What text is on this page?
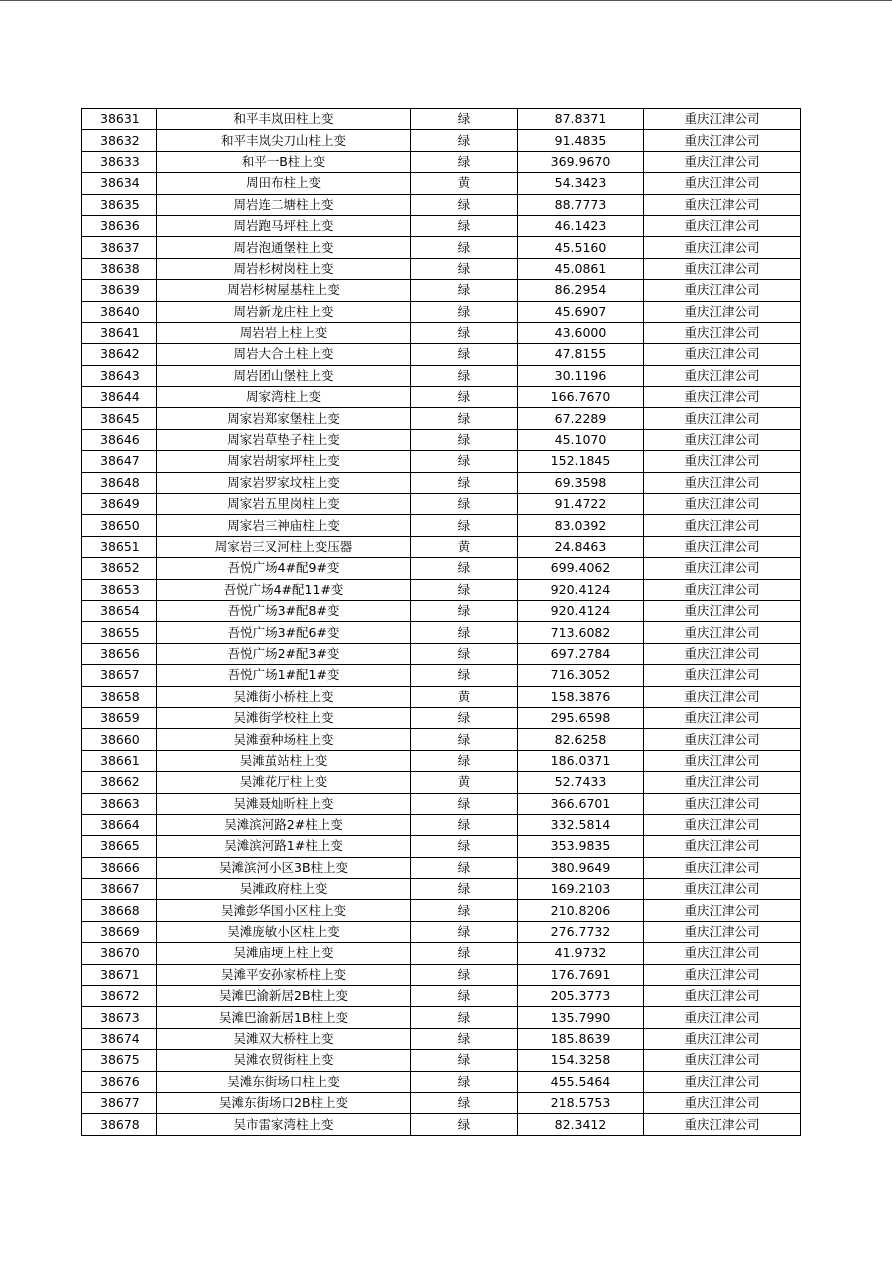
38631	和平丰岚田柱上变	绿	87.8371	重庆江津公司
38632	和平丰岚尖刀山柱上变	绿	91.4835	重庆江津公司
38633	和平一B柱上变	绿	369.9670	重庆江津公司
38634	周田布柱上变	黄	54.3423	重庆江津公司
38635	周岩连二塘柱上变	绿	88.7773	重庆江津公司
38636	周岩跑马坪柱上变	绿	46.1423	重庆江津公司
38637	周岩泡通堡柱上变	绿	45.5160	重庆江津公司
38638	周岩杉树岗柱上变	绿	45.0861	重庆江津公司
38639	周岩杉树屋基柱上变	绿	86.2954	重庆江津公司
38640	周岩新龙庄柱上变	绿	45.6907	重庆江津公司
38641	周岩岩上柱上变	绿	43.6000	重庆江津公司
38642	周岩大合土柱上变	绿	47.8155	重庆江津公司
38643	周岩团山堡柱上变	绿	30.1196	重庆江津公司
38644	周家湾柱上变	绿	166.7670	重庆江津公司
38645	周家岩郑家堡柱上变	绿	67.2289	重庆江津公司
38646	周家岩草垫子柱上变	绿	45.1070	重庆江津公司
38647	周家岩胡家坪柱上变	绿	152.1845	重庆江津公司
38648	周家岩罗家坟柱上变	绿	69.3598	重庆江津公司
38649	周家岩五里岗柱上变	绿	91.4722	重庆江津公司
38650	周家岩三神庙柱上变	绿	83.0392	重庆江津公司
38651	周家岩三叉河柱上变压器	黄	24.8463	重庆江津公司
38652	吾悦广场4#配9#变	绿	699.4062	重庆江津公司
38653	吾悦广场4#配11#变	绿	920.4124	重庆江津公司
38654	吾悦广场3#配8#变	绿	920.4124	重庆江津公司
38655	吾悦广场3#配6#变	绿	713.6082	重庆江津公司
38656	吾悦广场2#配3#变	绿	697.2784	重庆江津公司
38657	吾悦广场1#配1#变	绿	716.3052	重庆江津公司
38658	吴滩街小桥柱上变	黄	158.3876	重庆江津公司
38659	吴滩街学校柱上变	绿	295.6598	重庆江津公司
38660	吴滩蚕种场柱上变	绿	82.6258	重庆江津公司
38661	吴滩茧站柱上变	绿	186.0371	重庆江津公司
38662	吴滩花厅柱上变	黄	52.7433	重庆江津公司
38663	吴滩聂灿昕柱上变	绿	366.6701	重庆江津公司
38664	吴滩滨河路2#柱上变	绿	332.5814	重庆江津公司
38665	吴滩滨河路1#柱上变	绿	353.9835	重庆江津公司
38666	吴滩滨河小区3B柱上变	绿	380.9649	重庆江津公司
38667	吴滩政府柱上变	绿	169.2103	重庆江津公司
38668	吴滩彭华国小区柱上变	绿	210.8206	重庆江津公司
38669	吴滩庞敏小区柱上变	绿	276.7732	重庆江津公司
38670	吴滩庙埂上柱上变	绿	41.9732	重庆江津公司
38671	吴滩平安孙家桥柱上变	绿	176.7691	重庆江津公司
38672	吴滩巴渝新居2B柱上变	绿	205.3773	重庆江津公司
38673	吴滩巴渝新居1B柱上变	绿	135.7990	重庆江津公司
38674	吴滩双大桥柱上变	绿	185.8639	重庆江津公司
38675	吴滩农贸街柱上变	绿	154.3258	重庆江津公司
38676	吴滩东街场口柱上变	绿	455.5464	重庆江津公司
38677	吴滩东街场口2B柱上变	绿	218.5753	重庆江津公司
38678	吴市雷家湾柱上变	绿	82.3412	重庆江津公司
